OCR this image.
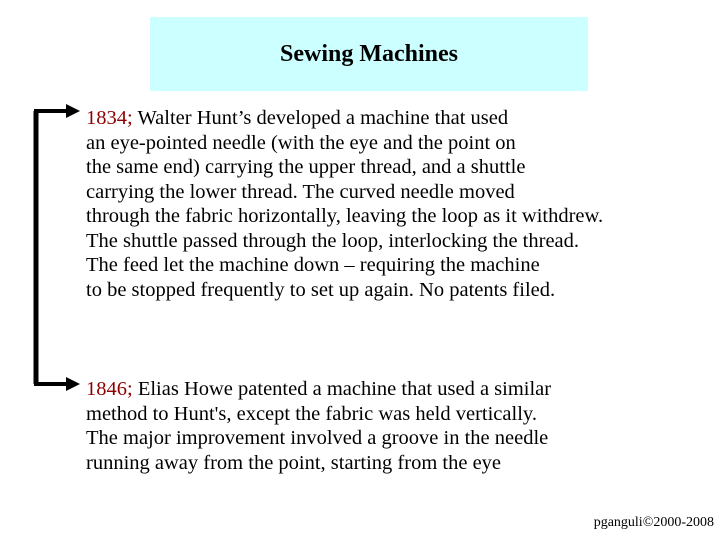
Sewing Machines

1834; Walter Hunt’s developed a machine that used

an eye-pointed needle (with the eye and the point on

the same end) carrying the upper thread, and a shuttle

carrying the lower thread. The curved needle moved

through the fabric horizontally, leaving the loop as it withdrew.

The shuttle passed through the loop, interlocking the thread.

The feed let the machine down – requiring the machine

to be stopped frequently to set up again. No patents filed.

1846; Elias Howe patented a machine that used a similar

method to Hunt's, except the fabric was held vertically.

The major improvement involved a groove in the needle

running away from the point, starting from the eye

pganguli©2000-2008
